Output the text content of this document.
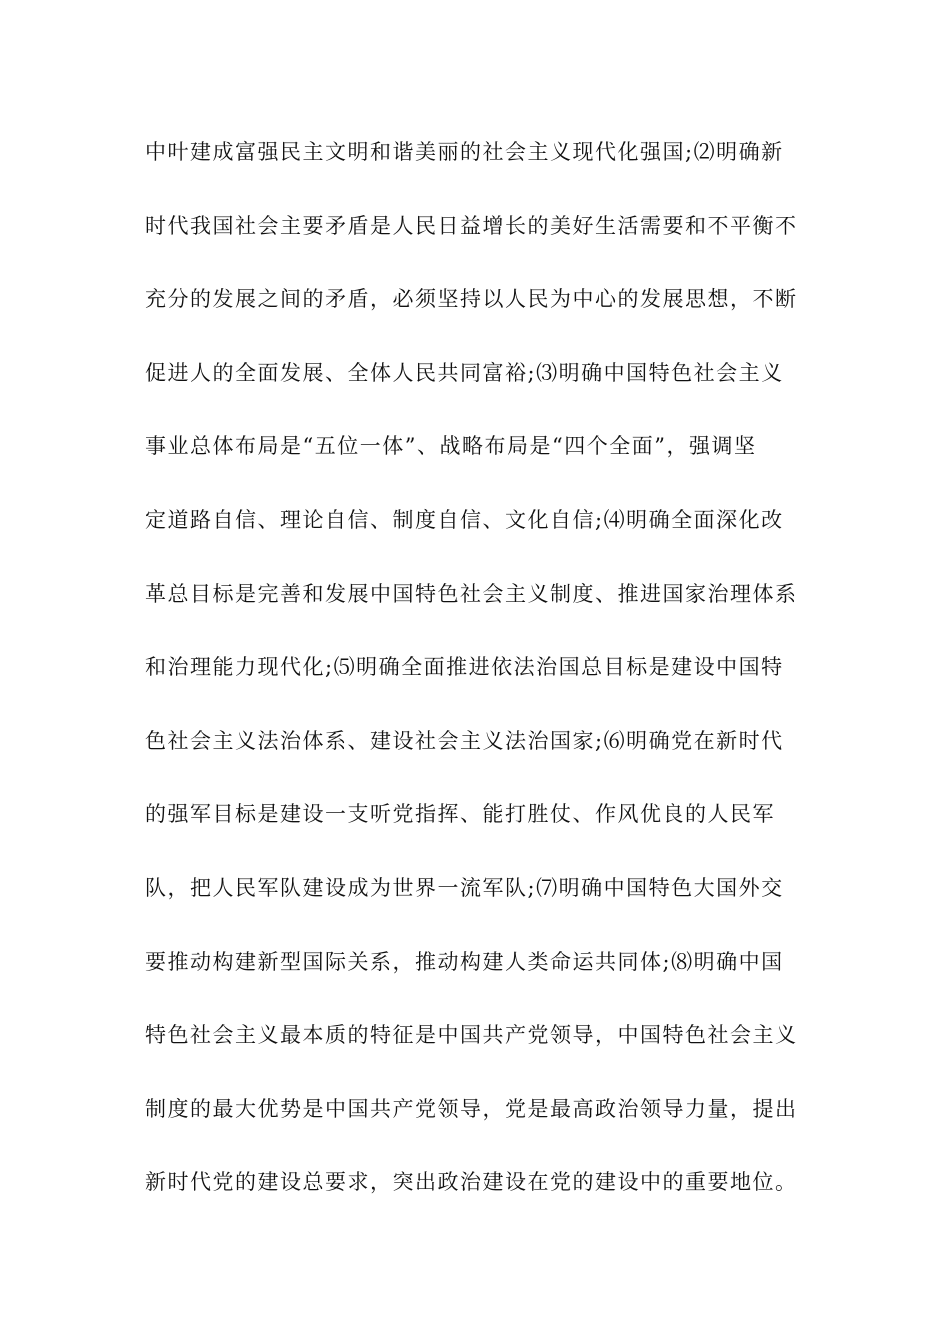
中叶建成富强民主文明和谐美丽的社会主义现代化强国;⑵明确新
时代我国社会主要矛盾是人民日益增长的美好生活需要和不平衡不
充分的发展之间的矛盾，必须坚持以人民为中心的发展思想，不断
促进人的全面发展、全体人民共同富裕;⑶明确中国特色社会主义
事业总体布局是“五位一体”、战略布局是“四个全面”，强调坚
定道路自信、理论自信、制度自信、文化自信;⑷明确全面深化改
革总目标是完善和发展中国特色社会主义制度、推进国家治理体系
和治理能力现代化;⑸明确全面推进依法治国总目标是建设中国特
色社会主义法治体系、建设社会主义法治国家;⑹明确党在新时代
的强军目标是建设一支听党指挥、能打胜仗、作风优良的人民军
队，把人民军队建设成为世界一流军队;⑺明确中国特色大国外交
要推动构建新型国际关系，推动构建人类命运共同体;⑻明确中国
特色社会主义最本质的特征是中国共产党领导，中国特色社会主义
制度的最大优势是中国共产党领导，党是最高政治领导力量，提出
新时代党的建设总要求，突出政治建设在党的建设中的重要地位。
